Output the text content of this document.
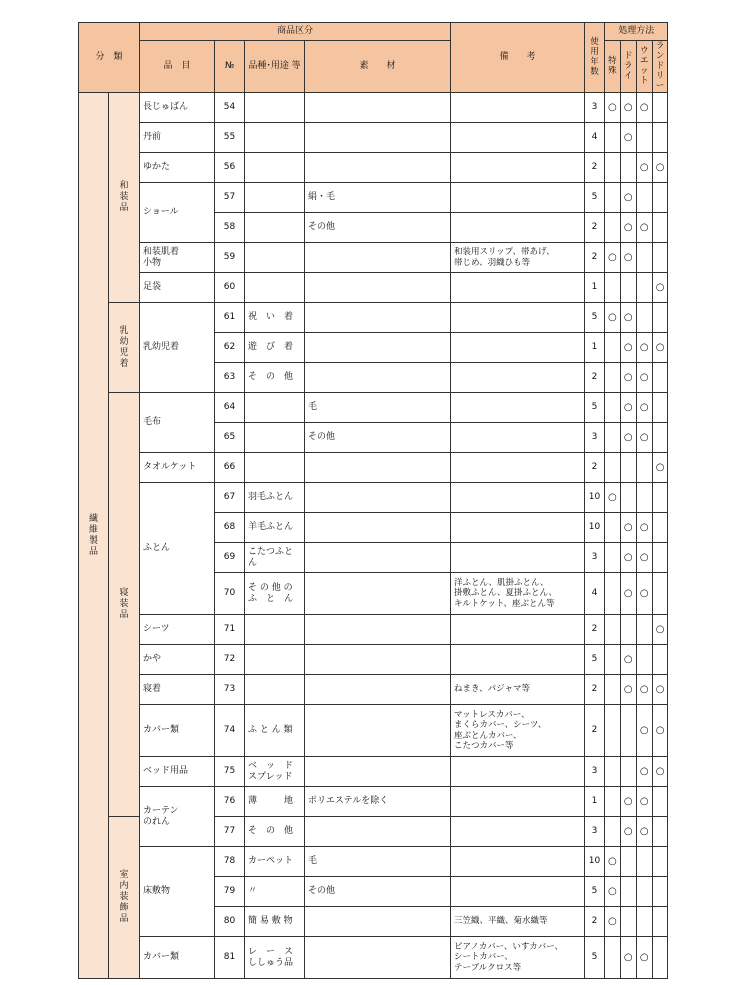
分　類		商品区分				備　　考	使用年数	処理方法			
		品　目	№	品種･用途 等	素　　材			特殊	ドライ	ウエット	ランドリー
繊維製品	和装品	長じゅばん	54				3	○	○	○	
		丹前	55				4		○		
		ゆかた	56				2			○	○
		ショール	57		絹・毛		5		○		
			58		その他		2		○	○	
		和装肌着
小物	59			和装用スリップ、帯あげ、
帯じめ、羽織ひも等	2	○	○		
		足袋	60				1				○
	乳幼児着	乳幼児着	61	祝　い　着			5	○	○		
			62	遊　び　着			1		○	○	○
			63	そ　の　他			2		○	○	
	寝装品	毛布	64		毛		5		○	○	
			65		その他		3		○	○	
		タオルケット	66				2				○
		ふとん	67	羽毛ふとん			10	○			
			68	羊毛ふとん			10		○	○	
			69	こたつふとん			3		○	○	
			70	そ の 他 の
ふ　と　ん		洋ふとん、肌掛ふとん、
掛敷ふとん、夏掛ふとん、
キルトケット、座ぶとん等	4		○	○	
		シーツ	71				2				○
		かや	72				5		○		
		寝着	73			ねまき、パジャマ等	2		○	○	○
		カバー類	74	ふ と ん 類		マットレスカバー、
まくらカバー、シーツ、
座ぶとんカバー、
こたつカバー等	2			○	○
		ベッド用品	75	ベ　ッ　ド
スプレッド			3			○	○
		カーテン
のれん	76	薄　　　地	ポリエステルを除く		1		○	○	
	室内装飾品		77	そ　の　他			3		○	○	
		床敷物	78	カーペット	毛		10	○			
			79	〃	その他		5	○			
			80	簡 易 敷 物		三笠織、平織、菊水織等	2	○			
		カバー類	81	レ　ー　ス
ししゅう品		ピアノカバー、いすカバー、
シートカバー、
テーブルクロス等	5		○	○	
